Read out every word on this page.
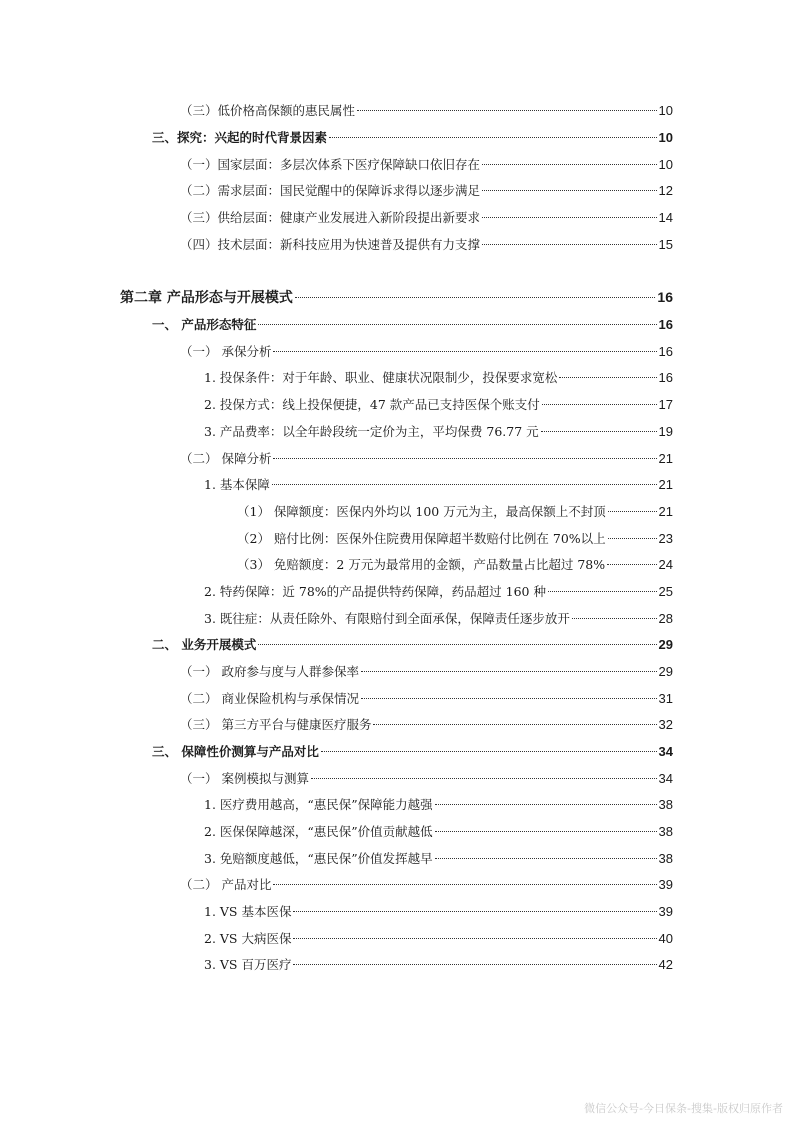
（三）低价格高保额的惠民属性	10
三、探究：兴起的时代背景因素	10
（一）国家层面：多层次体系下医疗保障缺口依旧存在	10
（二）需求层面：国民觉醒中的保障诉求得以逐步满足	12
（三）供给层面：健康产业发展进入新阶段提出新要求	14
（四）技术层面：新科技应用为快速普及提供有力支撑	15
第二章 产品形态与开展模式	16
一、 产品形态特征	16
（一） 承保分析	16
1. 投保条件：对于年龄、职业、健康状况限制少，投保要求宽松	16
2. 投保方式：线上投保便捷，47 款产品已支持医保个账支付	17
3. 产品费率：以全年龄段统一定价为主，平均保费 76.77 元	19
（二） 保障分析	21
1. 基本保障	21
（1） 保障额度：医保内外均以 100 万元为主，最高保额上不封顶	21
（2） 赔付比例：医保外住院费用保障超半数赔付比例在 70%以上	23
（3） 免赔额度：2 万元为最常用的金额，产品数量占比超过 78%	24
2. 特药保障：近 78%的产品提供特药保障，药品超过 160 种	25
3. 既往症：从责任除外、有限赔付到全面承保，保障责任逐步放开	28
二、 业务开展模式	29
（一） 政府参与度与人群参保率	29
（二） 商业保险机构与承保情况	31
（三） 第三方平台与健康医疗服务	32
三、 保障性价测算与产品对比	34
（一） 案例模拟与测算	34
1. 医疗费用越高，“惠民保”保障能力越强	38
2. 医保保障越深，“惠民保”价值贡献越低	38
3. 免赔额度越低，“惠民保”价值发挥越早	38
（二） 产品对比	39
1. VS 基本医保	39
2. VS 大病医保	40
3. VS 百万医疗	42
微信公众号-今日保条-搜集-版权归原作者
